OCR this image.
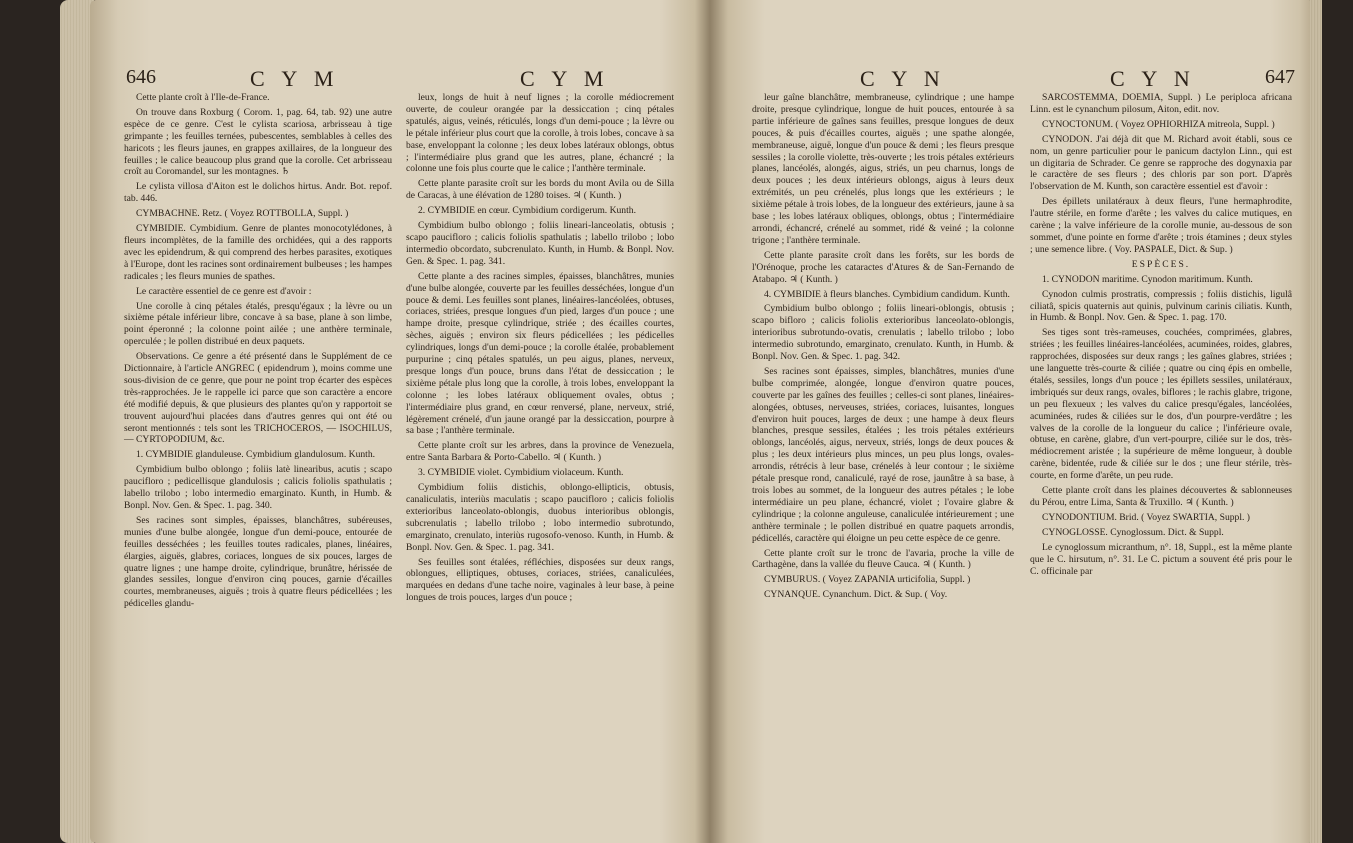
646	C Y M	C Y M

Cette plante croît à l'Ile-de-France.

On trouve dans Roxburg ( Corom. 1, pag. 64, tab. 92) une autre espèce de ce genre. C'est le cylista scariosa, arbrisseau à tige grimpante ; les feuilles ternées, pubescentes, semblables à celles des haricots ; les fleurs jaunes, en grappes axillaires, de la longueur des feuilles ; le calice beaucoup plus grand que la corolle. Cet arbrisseau croît au Coromandel, sur les montagnes. ♄

Le cylista villosa d'Aiton est le dolichos hirtus. Andr. Bot. repof. tab. 446.

CYMBACHNE. Retz. ( Voyez ROTTBOLLA, Suppl. )

CYMBIDIE. Cymbidium. Genre de plantes monocotylédones, à fleurs incomplètes, de la famille des orchidées, qui a des rapports avec les epidendrum, & qui comprend des herbes parasites, exotiques à l'Europe, dont les racines sont ordinairement bulbeuses ; les hampes radicales ; les fleurs munies de spathes.

Le caractère essentiel de ce genre est d'avoir :

Une corolle à cinq pétales étalés, presqu'égaux ; la lèvre ou un sixième pétale inférieur libre, concave à sa base, plane à son limbe, point éperonné ; la colonne point ailée ; une anthère terminale, operculée ; le pollen distribué en deux paquets.

Observations. Ce genre a été présenté dans le Supplément de ce Dictionnaire, à l'article ANGREC ( epidendrum ), moins comme une sous-division de ce genre, que pour ne point trop écarter des espèces très-rapprochées. Je le rappelle ici parce que son caractère a encore été modifié depuis, & que plusieurs des plantes qu'on y rapportoit se trouvent aujourd'hui placées dans d'autres genres qui ont été ou seront mentionnés : tels sont les TRICHOCEROS, — ISOCHILUS, — CYRTOPODIUM, &c.

1. CYMBIDIE glanduleuse. Cymbidium glandulosum. Kunth.

Cymbidium bulbo oblongo ; foliis latè linearibus, acutis ; scapo paucifloro ; pedicellisque glandulosis ; calicis foliolis spathulatis ; labello trilobo ; lobo intermedio emarginato. Kunth, in Humb. & Bonpl. Nov. Gen. & Spec. 1. pag. 340.

Ses racines sont simples, épaisses, blanchâtres, subéreuses, munies d'une bulbe alongée, longue d'un demi-pouce, entourée de feuilles desséchées ; les feuilles toutes radicales, planes, linéaires, élargies, aiguës, glabres, coriaces, longues de six pouces, larges de quatre lignes ; une hampe droite, cylindrique, brunâtre, hérissée de glandes sessiles, longue d'environ cinq pouces, garnie d'écailles courtes, membraneuses, aiguës ; trois à quatre fleurs pédicellées ; les pédicelles glandu-

leux, longs de huit à neuf lignes ; la corolle médiocrement ouverte, de couleur orangée par la dessiccation ; cinq pétales spatulés, aigus, veinés, réticulés, longs d'un demi-pouce ; la lèvre ou le pétale inférieur plus court que la corolle, à trois lobes, concave à sa base, enveloppant la colonne ; les deux lobes latéraux oblongs, obtus ; l'intermédiaire plus grand que les autres, plane, échancré ; la colonne une fois plus courte que le calice ; l'anthère terminale.

Cette plante parasite croît sur les bords du mont Avila ou de Silla de Caracas, à une élévation de 1280 toises. ♃ ( Kunth. )

2. CYMBIDIE en cœur. Cymbidium cordigerum. Kunth.

Cymbidium bulbo oblongo ; foliis lineari-lanceolatis, obtusis ; scapo paucifloro ; calicis foliolis spathulatis ; labello trilobo ; lobo intermedio obcordato, subcrenulato. Kunth, in Humb. & Bonpl. Nov. Gen. & Spec. 1. pag. 341.

Cette plante a des racines simples, épaisses, blanchâtres, munies d'une bulbe alongée, couverte par les feuilles desséchées, longue d'un pouce & demi. Les feuilles sont planes, linéaires-lancéolées, obtuses, coriaces, striées, presque longues d'un pied, larges d'un pouce ; une hampe droite, presque cylindrique, striée ; des écailles courtes, sèches, aiguës ; environ six fleurs pédicellées ; les pédicelles cylindriques, longs d'un demi-pouce ; la corolle étalée, probablement purpurine ; cinq pétales spatulés, un peu aigus, planes, nerveux, presque longs d'un pouce, bruns dans l'état de dessiccation ; le sixième pétale plus long que la corolle, à trois lobes, enveloppant la colonne ; les lobes latéraux obliquement ovales, obtus ; l'intermédiaire plus grand, en cœur renversé, plane, nerveux, strié, légèrement crénelé, d'un jaune orangé par la dessiccation, pourpre à sa base ; l'anthère terminale.

Cette plante croît sur les arbres, dans la province de Venezuela, entre Santa Barbara & Porto-Cabello. ♃ ( Kunth. )

3. CYMBIDIE violet. Cymbidium violaceum. Kunth.

Cymbidium foliis distichis, oblongo-ellipticis, obtusis, canaliculatis, interiùs maculatis ; scapo paucifloro ; calicis foliolis exterioribus lanceolato-oblongis, duobus interioribus oblongis, subcrenulatis ; labello trilobo ; lobo intermedio subrotundo, emarginato, crenulato, interiùs rugosofo-venoso. Kunth, in Humb. & Bonpl. Nov. Gen. & Spec. 1. pag. 341.

Ses feuilles sont étalées, réfléchies, disposées sur deux rangs, oblongues, elliptiques, obtuses, coriaces, striées, canaliculées, marquées en dedans d'une tache noire, vaginales à leur base, à peine longues de trois pouces, larges d'un pouce ;

C Y N	C Y N	647

leur gaîne blanchâtre, membraneuse, cylindrique ; une hampe droite, presque cylindrique, longue de huit pouces, entourée à sa partie inférieure de gaînes sans feuilles, presque longues de deux pouces, & puis d'écailles courtes, aiguës ; une spathe alongée, membraneuse, aiguë, longue d'un pouce & demi ; les fleurs presque sessiles ; la corolle violette, très-ouverte ; les trois pétales extérieurs planes, lancéolés, alongés, aigus, striés, un peu charnus, longs de deux pouces ; les deux intérieurs oblongs, aigus à leurs deux extrémités, un peu crénelés, plus longs que les extérieurs ; le sixième pétale à trois lobes, de la longueur des extérieurs, jaune à sa base ; les lobes latéraux obliques, oblongs, obtus ; l'intermédiaire arrondi, échancré, crénelé au sommet, ridé & veiné ; la colonne trigone ; l'anthère terminale.

Cette plante parasite croît dans les forêts, sur les bords de l'Orénoque, proche les cataractes d'Atures & de San-Fernando de Atabapo. ♃ ( Kunth. )

4. CYMBIDIE à fleurs blanches. Cymbidium candidum. Kunth.

Cymbidium bulbo oblongo ; foliis lineari-oblongis, obtusis ; scapo bifloro ; calicis foliolis exterioribus lanceolato-oblongis, interioribus subrotundo-ovatis, crenulatis ; labello trilobo ; lobo intermedio subrotundo, emarginato, crenulato. Kunth, in Humb. & Bonpl. Nov. Gen. & Spec. 1. pag. 342.

Ses racines sont épaisses, simples, blanchâtres, munies d'une bulbe comprimée, alongée, longue d'environ quatre pouces, couverte par les gaînes des feuilles ; celles-ci sont planes, linéaires-alongées, obtuses, nerveuses, striées, coriaces, luisantes, longues d'environ huit pouces, larges de deux ; une hampe à deux fleurs blanches, presque sessiles, étalées ; les trois pétales extérieurs oblongs, lancéolés, aigus, nerveux, striés, longs de deux pouces & plus ; les deux intérieurs plus minces, un peu plus longs, ovales-arrondis, rétrécis à leur base, crénelés à leur contour ; le sixième pétale presque rond, canaliculé, rayé de rose, jaunâtre à sa base, à trois lobes au sommet, de la longueur des autres pétales ; le lobe intermédiaire un peu plane, échancré, violet ; l'ovaire glabre & cylindrique ; la colonne anguleuse, canaliculée intérieurement ; une anthère terminale ; le pollen distribué en quatre paquets arrondis, pédicellés, caractère qui éloigne un peu cette espèce de ce genre.

Cette plante croît sur le tronc de l'avaria, proche la ville de Carthagène, dans la vallée du fleuve Cauca. ♃ ( Kunth. )

CYMBURUS. ( Voyez ZAPANIA urticifolia, Suppl. )

CYNANQUE. Cynanchum. Dict. & Sup. ( Voy.

SARCOSTEMMA, DOEMIA, Suppl. ) Le periploca africana Linn. est le cynanchum pilosum, Aiton, edit. nov.

CYNOCTONUM. ( Voyez OPHIORHIZA mitreola, Suppl. )

CYNODON. J'ai déjà dit que M. Richard avoit établi, sous ce nom, un genre particulier pour le panicum dactylon Linn., qui est un digitaria de Schrader. Ce genre se rapproche des dogynaxia par le caractère de ses fleurs ; des chloris par son port. D'après l'observation de M. Kunth, son caractère essentiel est d'avoir :

Des épillets unilatéraux à deux fleurs, l'une hermaphrodite, l'autre stérile, en forme d'arête ; les valves du calice mutiques, en carène ; la valve inférieure de la corolle munie, au-dessous de son sommet, d'une pointe en forme d'arête ; trois étamines ; deux styles ; une semence libre. ( Voy. PASPALE, Dict. & Sup. )

ESPÈCES.

1. CYNODON maritime. Cynodon maritimum. Kunth.

Cynodon culmis prostratis, compressis ; foliis distichis, ligulâ ciliatâ, spicis quaternis aut quinis, pulvinum carinis ciliatis. Kunth, in Humb. & Bonpl. Nov. Gen. & Spec. 1. pag. 170.

Ses tiges sont très-rameuses, couchées, comprimées, glabres, striées ; les feuilles linéaires-lancéolées, acuminées, roides, glabres, rapprochées, disposées sur deux rangs ; les gaînes glabres, striées ; une languette très-courte & ciliée ; quatre ou cinq épis en ombelle, étalés, sessiles, longs d'un pouce ; les épillets sessiles, unilatéraux, imbriqués sur deux rangs, ovales, biflores ; le rachis glabre, trigone, un peu flexueux ; les valves du calice presqu'égales, lancéolées, acuminées, rudes & ciliées sur le dos, d'un pourpre-verdâtre ; les valves de la corolle de la longueur du calice ; l'inférieure ovale, obtuse, en carène, glabre, d'un vert-pourpre, ciliée sur le dos, très-médiocrement aristée ; la supérieure de même longueur, à double carène, bidentée, rude & ciliée sur le dos ; une fleur stérile, très-courte, en forme d'arête, un peu rude.

Cette plante croît dans les plaines découvertes & sablonneuses du Pérou, entre Lima, Santa & Truxillo. ♃ ( Kunth. )

CYNODONTIUM. Brid. ( Voyez SWARTIA, Suppl. )

CYNOGLOSSE. Cynoglossum. Dict. & Suppl.

Le cynoglossum micranthum, n°. 18, Suppl., est la même plante que le C. hirsutum, n°. 31. Le C. pictum a souvent été pris pour le C. officinale par
